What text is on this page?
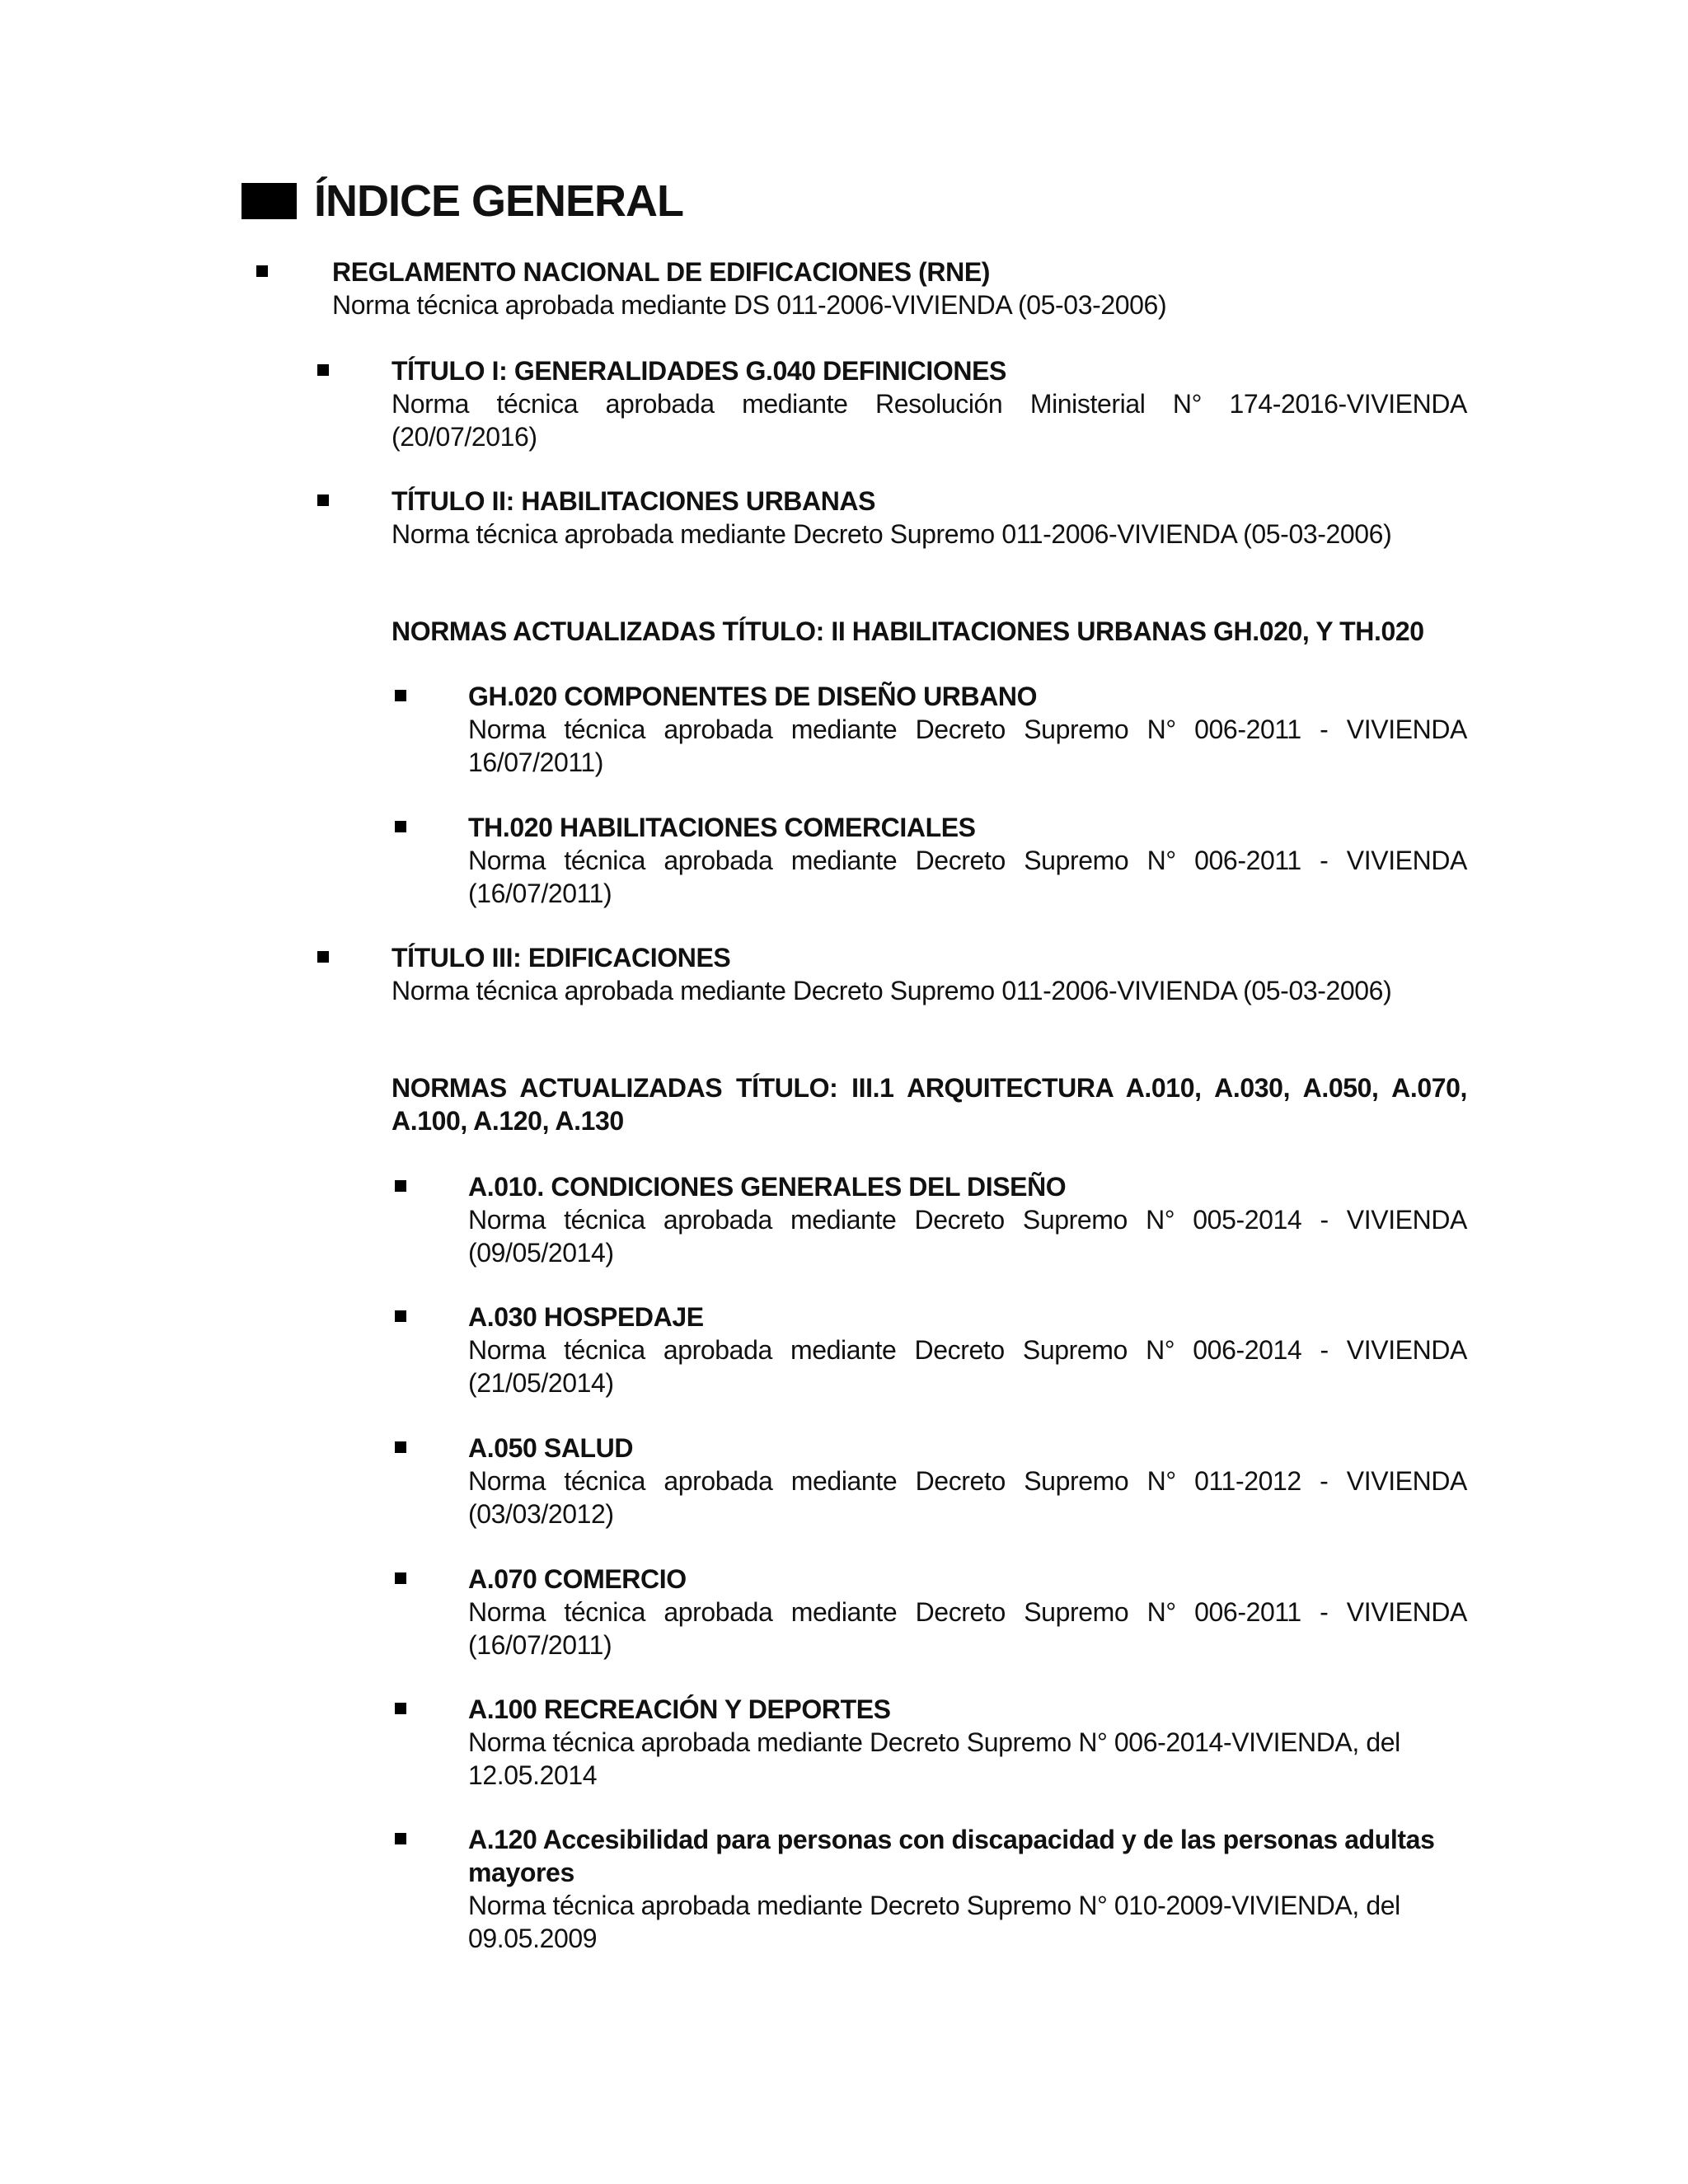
ÍNDICE GENERAL
REGLAMENTO NACIONAL DE EDIFICACIONES (RNE)
Norma técnica aprobada mediante DS 011-2006-VIVIENDA (05-03-2006)
TÍTULO I: GENERALIDADES G.040 DEFINICIONES
Norma técnica aprobada mediante Resolución Ministerial N° 174-2016-VIVIENDA (20/07/2016)
TÍTULO II: HABILITACIONES URBANAS
Norma técnica aprobada mediante Decreto Supremo 011-2006-VIVIENDA (05-03-2006)
NORMAS ACTUALIZADAS TÍTULO: II HABILITACIONES URBANAS GH.020, Y TH.020
GH.020 COMPONENTES DE DISEÑO URBANO
Norma técnica aprobada mediante Decreto Supremo N° 006-2011 - VIVIENDA 16/07/2011)
TH.020 HABILITACIONES COMERCIALES
Norma técnica aprobada mediante Decreto Supremo N° 006-2011 - VIVIENDA (16/07/2011)
TÍTULO III: EDIFICACIONES
Norma técnica aprobada mediante Decreto Supremo 011-2006-VIVIENDA (05-03-2006)
NORMAS ACTUALIZADAS TÍTULO: III.1 ARQUITECTURA A.010, A.030, A.050, A.070, A.100, A.120, A.130
A.010. CONDICIONES GENERALES DEL DISEÑO
Norma técnica aprobada mediante Decreto Supremo N° 005-2014 - VIVIENDA (09/05/2014)
A.030 HOSPEDAJE
Norma técnica aprobada mediante Decreto Supremo N° 006-2014 - VIVIENDA (21/05/2014)
A.050 SALUD
Norma técnica aprobada mediante Decreto Supremo N° 011-2012 - VIVIENDA (03/03/2012)
A.070 COMERCIO
Norma técnica aprobada mediante Decreto Supremo N° 006-2011 - VIVIENDA (16/07/2011)
A.100 RECREACIÓN Y DEPORTES
Norma técnica aprobada mediante Decreto Supremo N° 006-2014-VIVIENDA, del 12.05.2014
A.120 Accesibilidad para personas con discapacidad y de las personas adultas mayores
Norma técnica aprobada mediante Decreto Supremo N° 010-2009-VIVIENDA, del 09.05.2009
